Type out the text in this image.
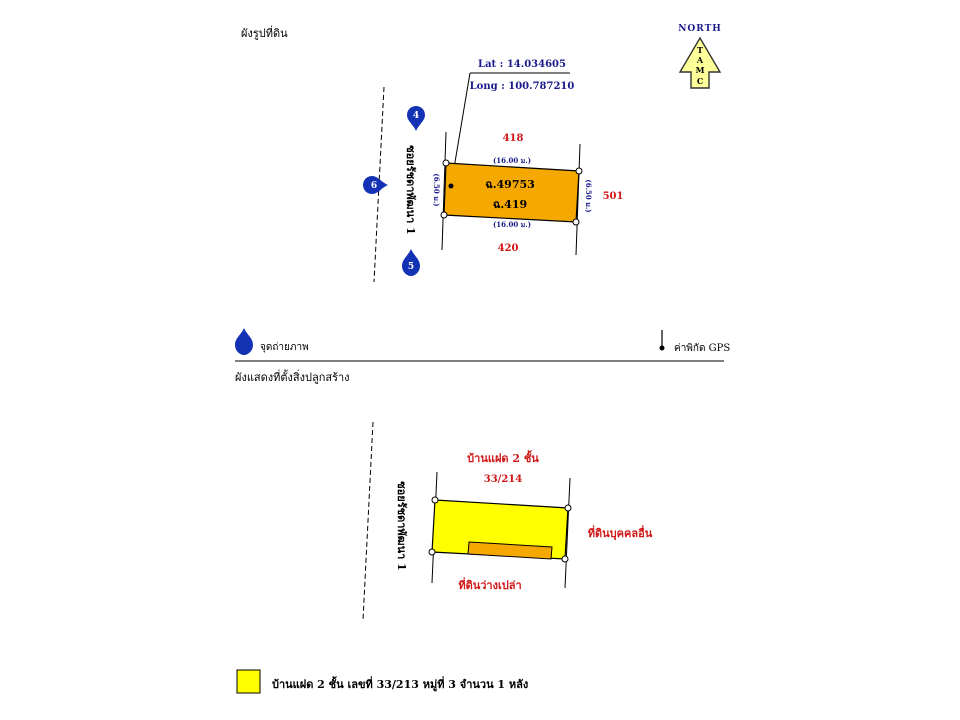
ผังรูปที่ดิน	NORTH
T
A
M
C
Lat : 14.034605
Long : 100.787210
ซอยรัชดาพัฒนา 1
4
6
5
ฉ.49753
ฉ.419
(16.00 ม.)
(16.00 ม.)
(6.50 ม.)	(6.50 ม.)
418
420
501
จุดถ่ายภาพ	ค่าพิกัด GPS
ผังแสดงที่ตั้งสิ่งปลูกสร้าง
ซอยรัชดาพัฒนา 1
บ้านแฝด 2 ชั้น
33/214
ที่ดินบุคคลอื่น
ที่ดินว่างเปล่า
บ้านแฝด 2 ชั้น เลขที่ 33/213 หมู่ที่ 3 จำนวน 1 หลัง
